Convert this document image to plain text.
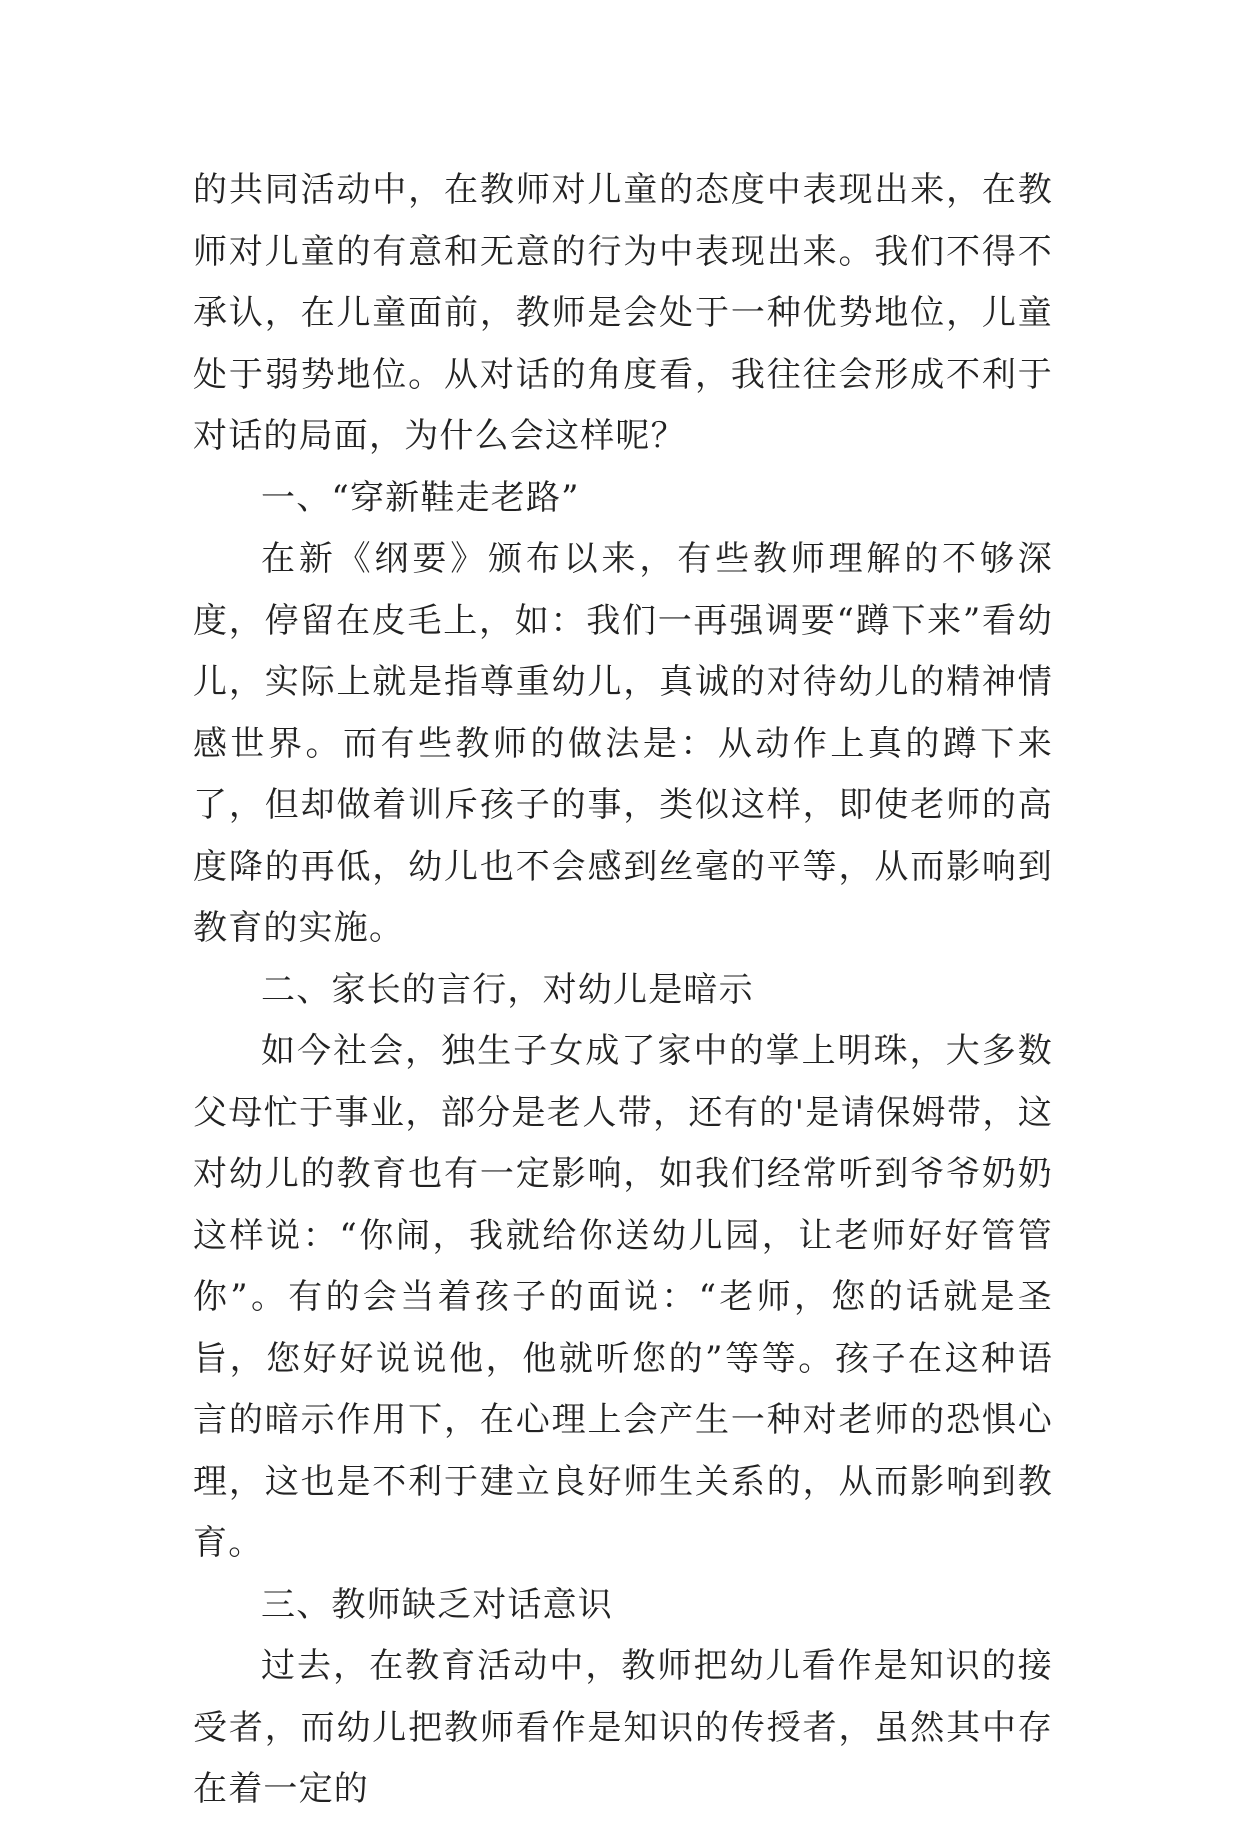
的共同活动中，在教师对儿童的态度中表现出来，在教师对儿童的有意和无意的行为中表现出来。我们不得不承认，在儿童面前，教师是会处于一种优势地位，儿童处于弱势地位。从对话的角度看，我往往会形成不利于对话的局面，为什么会这样呢？

一、“穿新鞋走老路”

在新《纲要》颁布以来，有些教师理解的不够深度，停留在皮毛上，如：我们一再强调要“蹲下来”看幼儿，实际上就是指尊重幼儿，真诚的对待幼儿的精神情感世界。而有些教师的做法是：从动作上真的蹲下来了，但却做着训斥孩子的事，类似这样，即使老师的高度降的再低，幼儿也不会感到丝毫的平等，从而影响到教育的实施。

二、家长的言行，对幼儿是暗示

如今社会，独生子女成了家中的掌上明珠，大多数父母忙于事业，部分是老人带，还有的'是请保姆带，这对幼儿的教育也有一定影响，如我们经常听到爷爷奶奶这样说：“你闹，我就给你送幼儿园，让老师好好管管你”。有的会当着孩子的面说：“老师，您的话就是圣旨，您好好说说他，他就听您的”等等。孩子在这种语言的暗示作用下，在心理上会产生一种对老师的恐惧心理，这也是不利于建立良好师生关系的，从而影响到教育。

三、教师缺乏对话意识

过去，在教育活动中，教师把幼儿看作是知识的接受者，而幼儿把教师看作是知识的传授者，虽然其中存在着一定的
